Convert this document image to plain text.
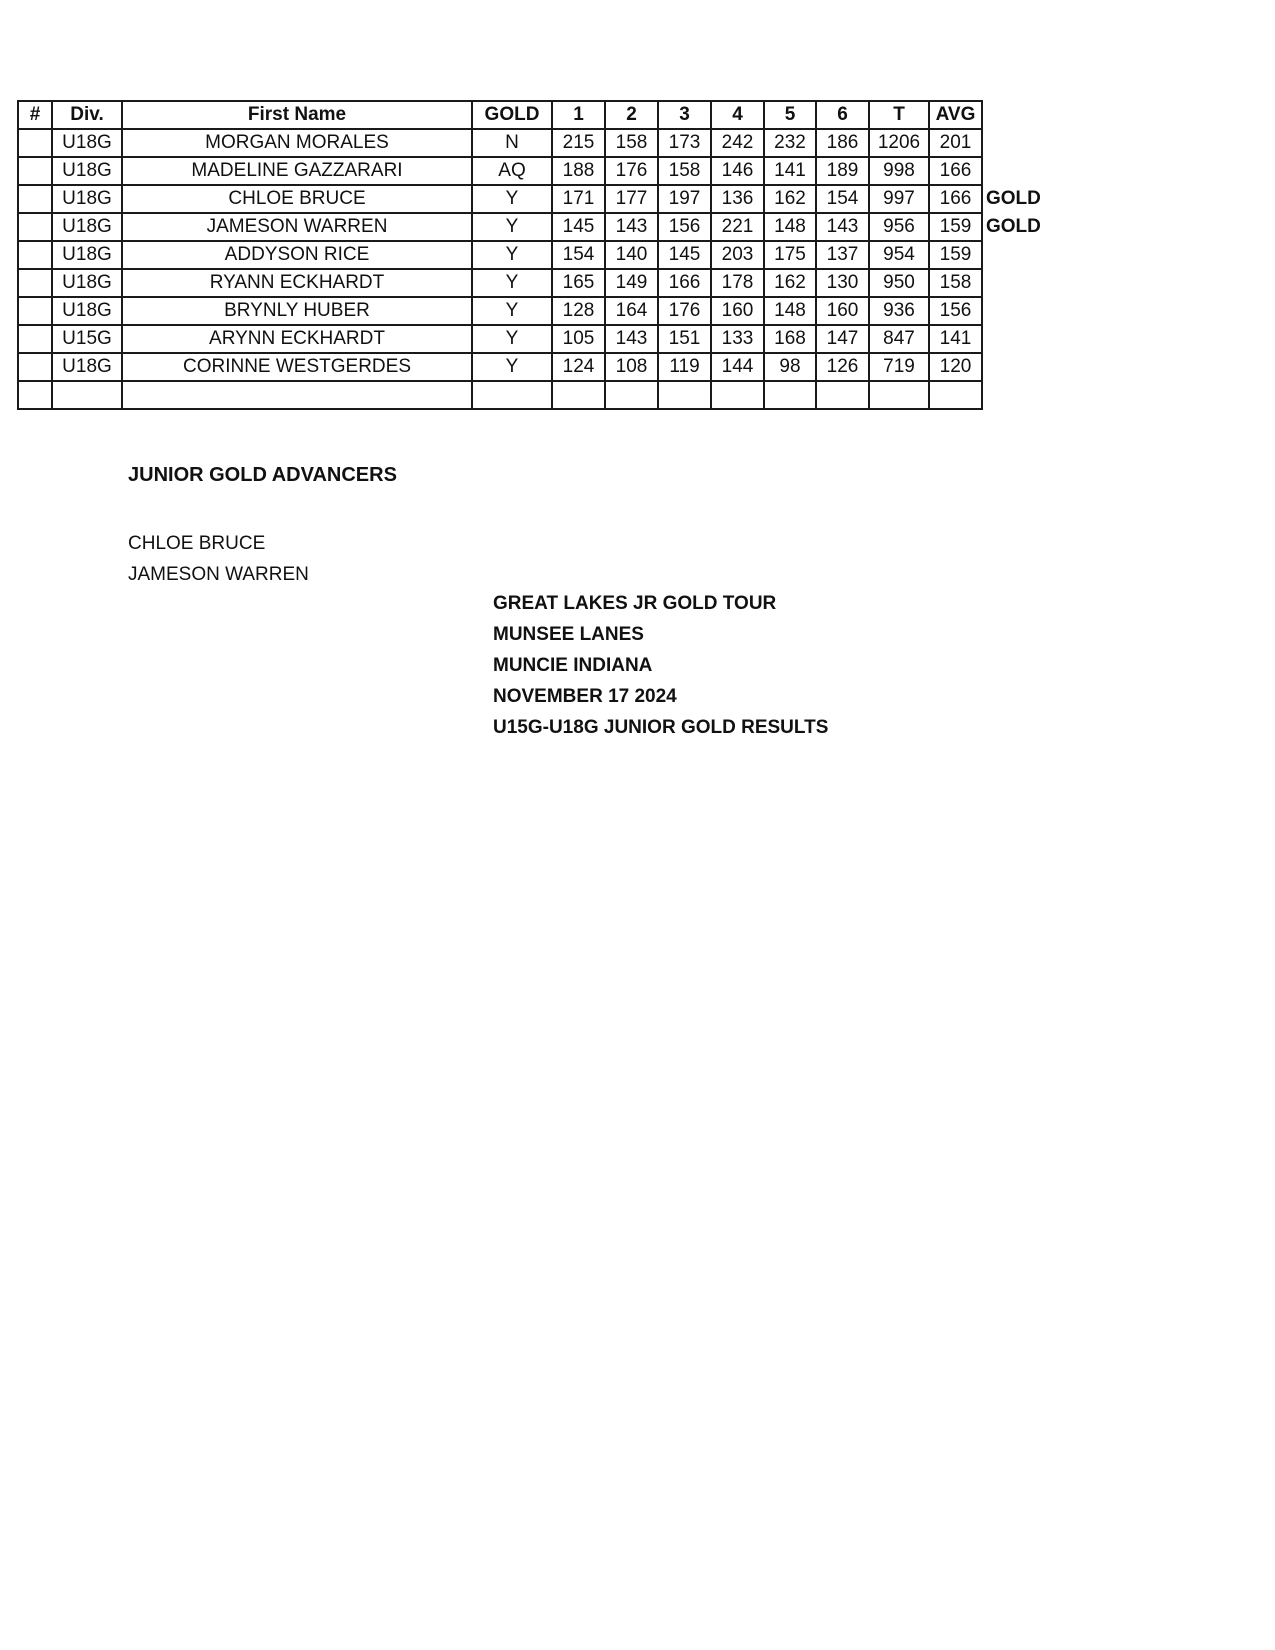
#	Div.	First Name	GOLD	1	2	3	4	5	6	T	AVG	
	U18G	MORGAN MORALES	N	215	158	173	242	232	186	1206	201	
	U18G	MADELINE GAZZARARI	AQ	188	176	158	146	141	189	998	166	
	U18G	CHLOE BRUCE	Y	171	177	197	136	162	154	997	166	GOLD
	U18G	JAMESON WARREN	Y	145	143	156	221	148	143	956	159	GOLD
	U18G	ADDYSON RICE	Y	154	140	145	203	175	137	954	159	
	U18G	RYANN ECKHARDT	Y	165	149	166	178	162	130	950	158	
	U18G	BRYNLY HUBER	Y	128	164	176	160	148	160	936	156	
	U15G	ARYNN ECKHARDT	Y	105	143	151	133	168	147	847	141	
	U18G	CORINNE WESTGERDES	Y	124	108	119	144	98	126	719	120	

JUNIOR GOLD ADVANCERS
CHLOE BRUCE
JAMESON WARREN
GREAT LAKES JR GOLD TOUR
MUNSEE LANES
MUNCIE INDIANA
NOVEMBER 17 2024
U15G-U18G JUNIOR GOLD RESULTS
